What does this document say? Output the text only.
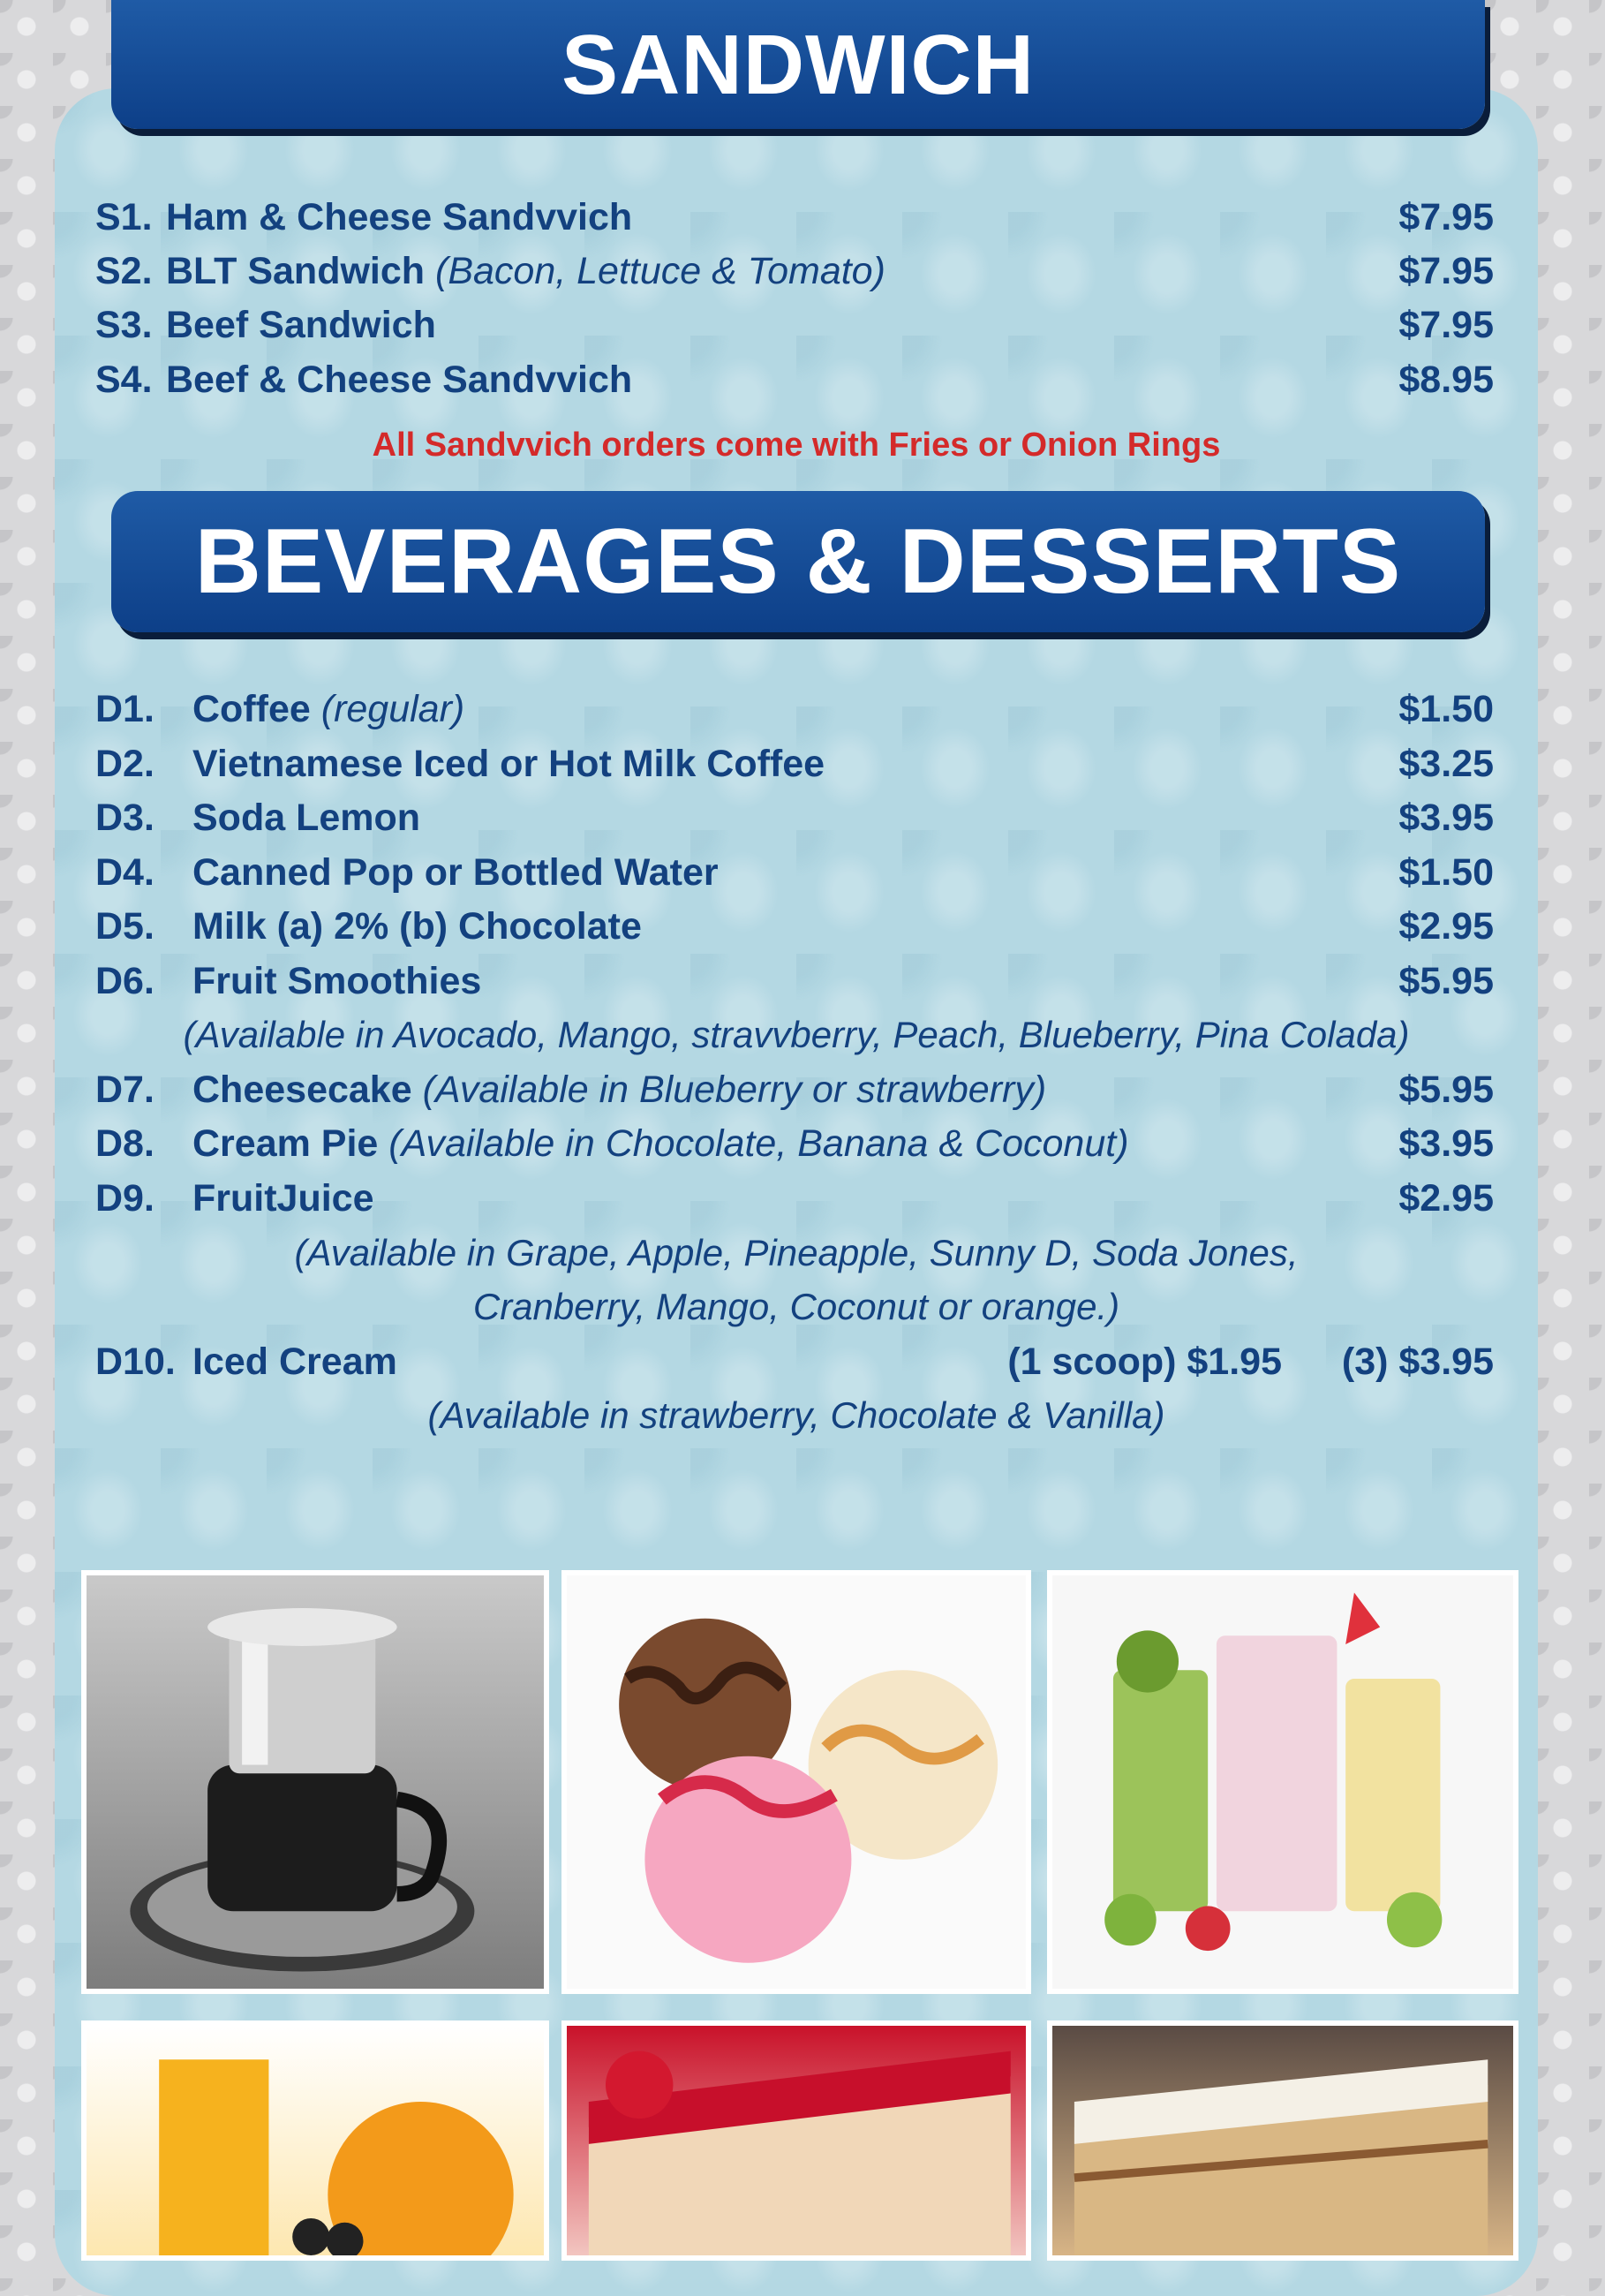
SANDWICH
S1. Ham & Cheese Sandvvich	$7.95
S2. BLT Sandwich (Bacon, Lettuce & Tomato)	$7.95
S3. Beef Sandwich	$7.95
S4. Beef & Cheese Sandvvich	$8.95
All Sandvvich orders come with Fries or Onion Rings
BEVERAGES & DESSERTS
D1. Coffee (regular)	$1.50
D2. Vietnamese Iced or Hot Milk Coffee	$3.25
D3. Soda Lemon	$3.95
D4. Canned Pop or Bottled Water	$1.50
D5. Milk (a) 2% (b) Chocolate	$2.95
D6. Fruit Smoothies	$5.95
(Available in Avocado, Mango, stravvberry, Peach, Blueberry, Pina Colada)
D7. Cheesecake (Available in Blueberry or strawberry)	$5.95
D8. Cream Pie (Available in Chocolate, Banana & Coconut)	$3.95
D9. FruitJuice	$2.95
(Available in Grape, Apple, Pineapple, Sunny D, Soda Jones,
Cranberry, Mango, Coconut or orange.)
D10. Iced Cream	(1 scoop) $1.95 (3) $3.95
(Available in strawberry, Chocolate & Vanilla)
